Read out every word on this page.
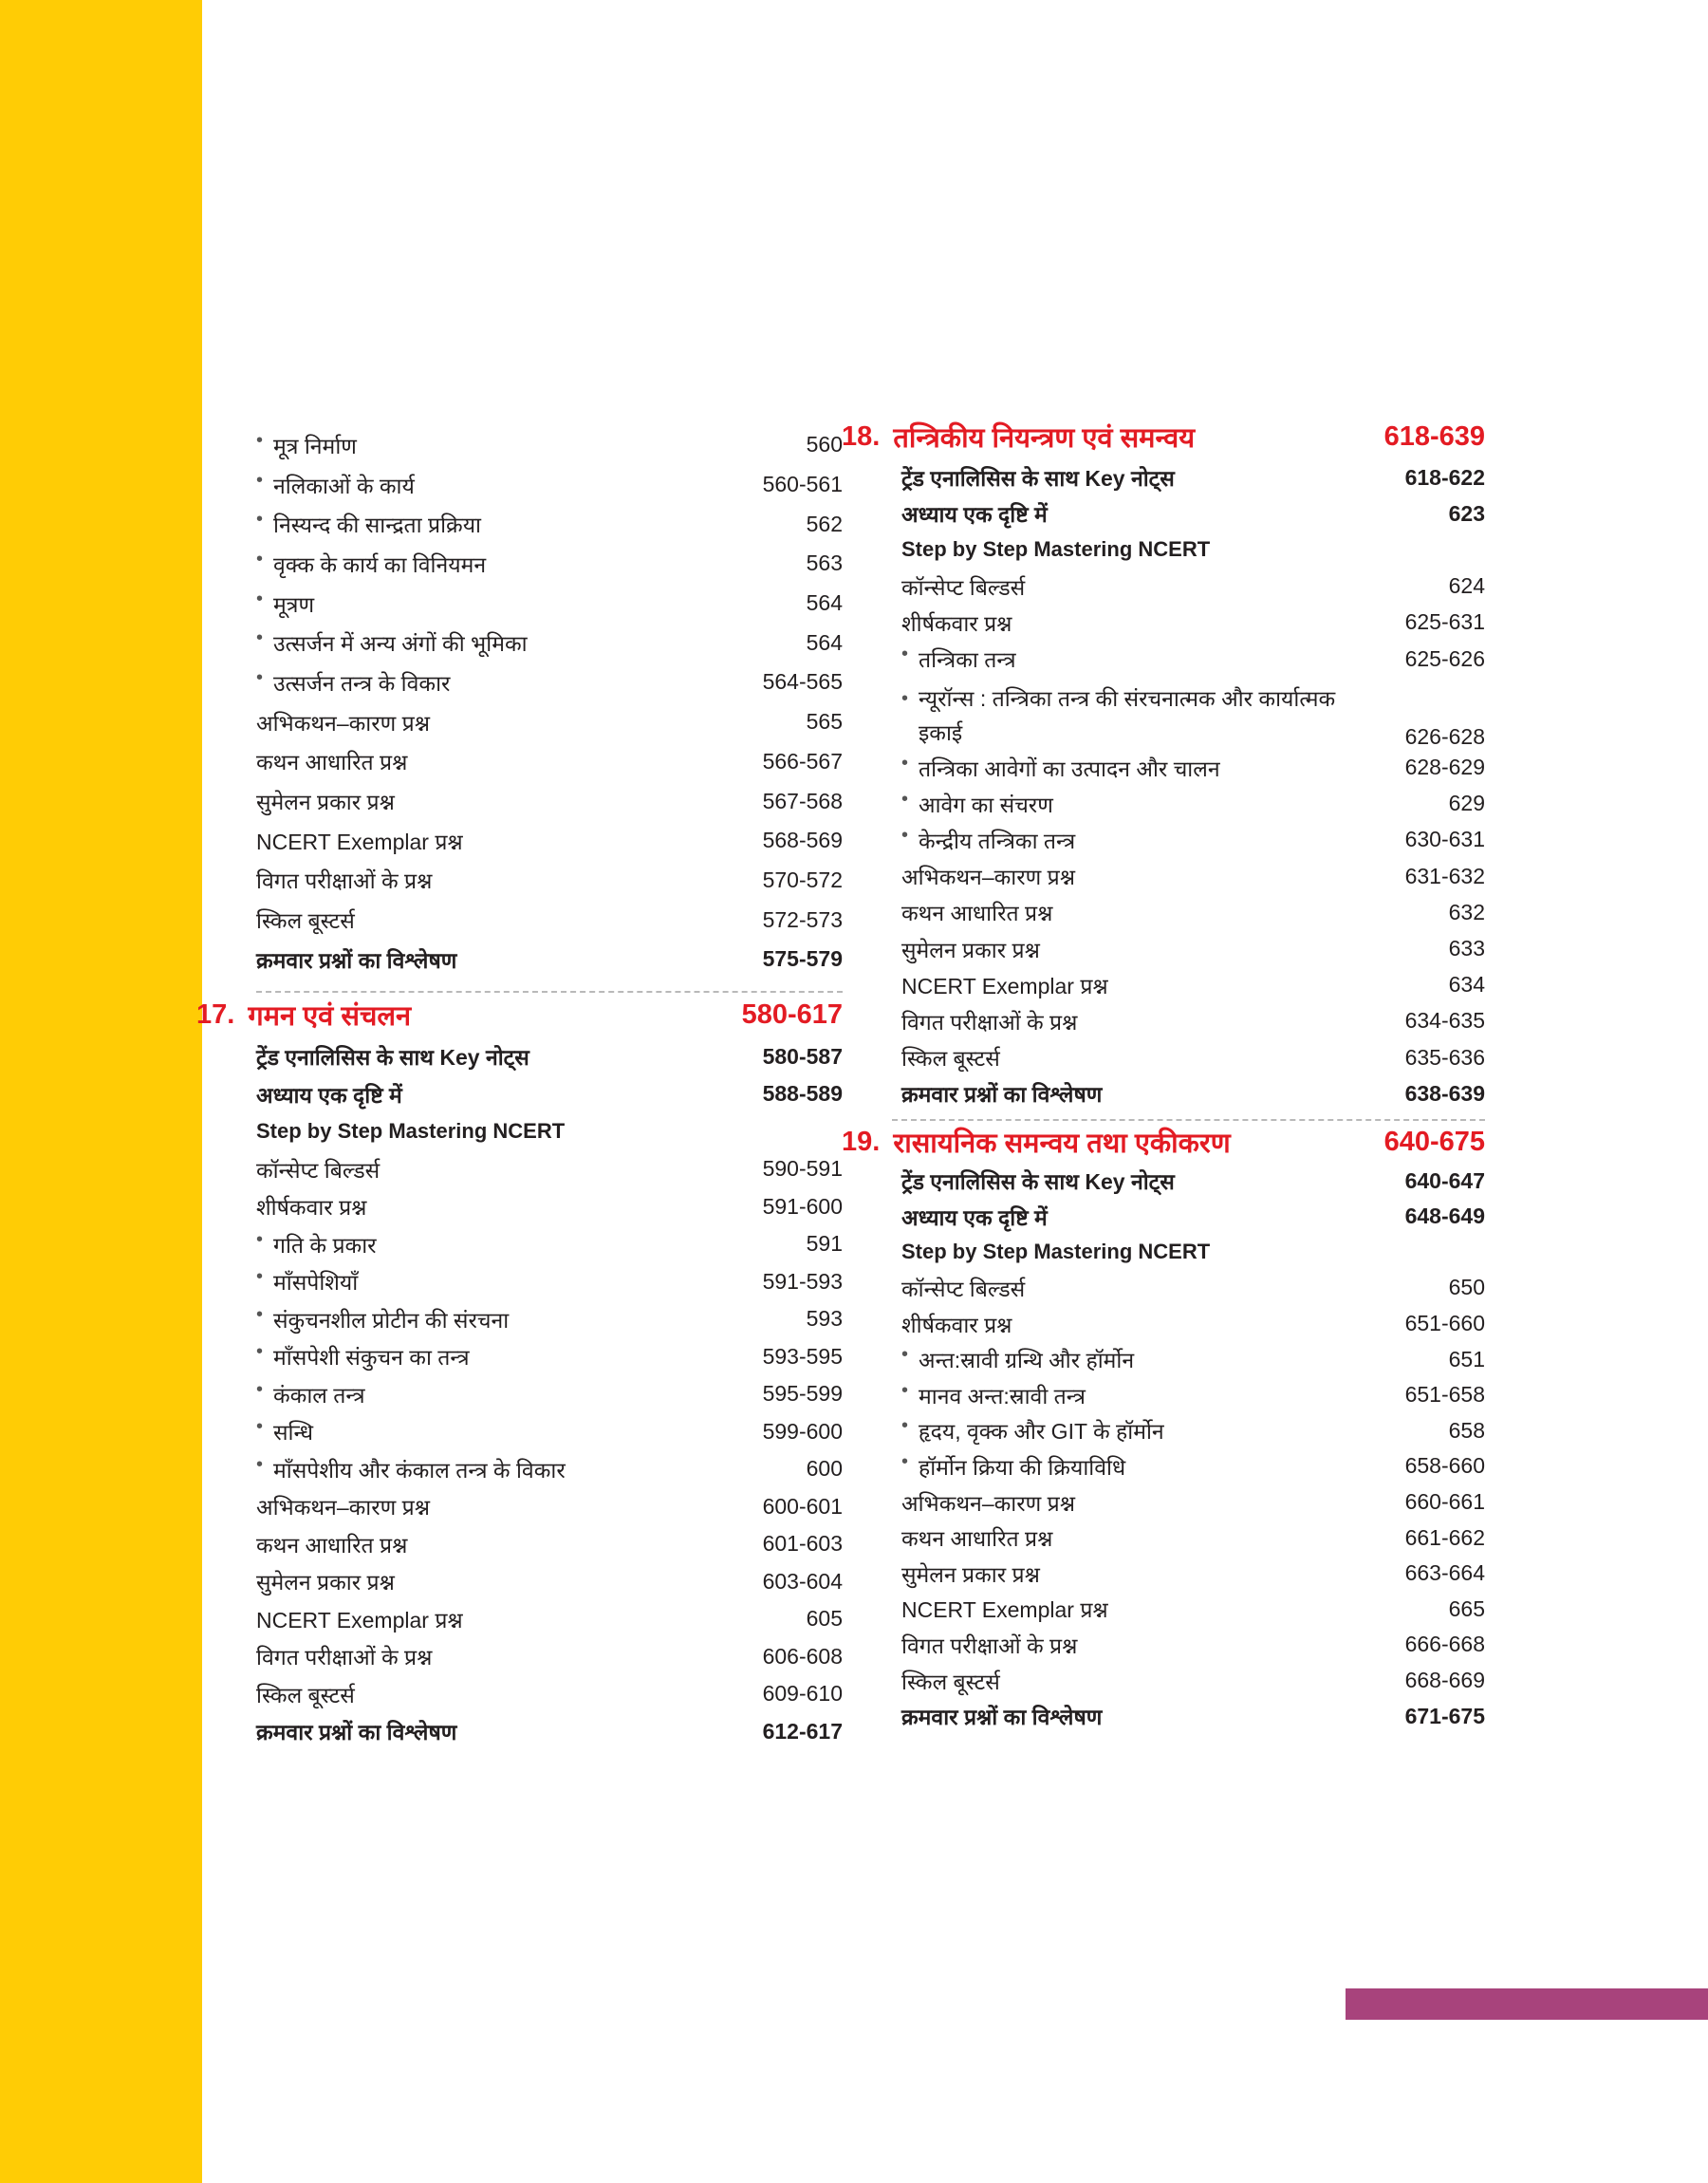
• मूत्र निर्माण	560
• नलिकाओं के कार्य	560-561
• निस्यन्द की सान्द्रता प्रक्रिया	562
• वृक्क के कार्य का विनियमन	563
• मूत्रण	564
• उत्सर्जन में अन्य अंगों की भूमिका	564
• उत्सर्जन तन्त्र के विकार	564-565
अभिकथन–कारण प्रश्न	565
कथन आधारित प्रश्न	566-567
सुमेलन प्रकार प्रश्न	567-568
NCERT Exemplar प्रश्न	568-569
विगत परीक्षाओं के प्रश्न	570-572
स्किल बूस्टर्स	572-573
क्रमवार प्रश्नों का विश्लेषण	575-579
17. गमन एवं संचलन	580-617
ट्रेंड एनालिसिस के साथ Key नोट्स	580-587
अध्याय एक दृष्टि में	588-589
Step by Step Mastering NCERT
कॉन्सेप्ट बिल्डर्स	590-591
शीर्षकवार प्रश्न	591-600
• गति के प्रकार	591
• माँसपेशियाँ	591-593
• संकुचनशील प्रोटीन की संरचना	593
• माँसपेशी संकुचन का तन्त्र	593-595
• कंकाल तन्त्र	595-599
• सन्धि	599-600
• माँसपेशीय और कंकाल तन्त्र के विकार	600
अभिकथन–कारण प्रश्न	600-601
कथन आधारित प्रश्न	601-603
सुमेलन प्रकार प्रश्न	603-604
NCERT Exemplar प्रश्न	605
विगत परीक्षाओं के प्रश्न	606-608
स्किल बूस्टर्स	609-610
क्रमवार प्रश्नों का विश्लेषण	612-617
18. तन्त्रिकीय नियन्त्रण एवं समन्वय	618-639
ट्रेंड एनालिसिस के साथ Key नोट्स	618-622
अध्याय एक दृष्टि में	623
Step by Step Mastering NCERT
कॉन्सेप्ट बिल्डर्स	624
शीर्षकवार प्रश्न	625-631
• तन्त्रिका तन्त्र	625-626
• न्यूरॉन्स : तन्त्रिका तन्त्र की संरचनात्मक और कार्यात्मक इकाई	626-628
• तन्त्रिका आवेगों का उत्पादन और चालन	628-629
• आवेग का संचरण	629
• केन्द्रीय तन्त्रिका तन्त्र	630-631
अभिकथन–कारण प्रश्न	631-632
कथन आधारित प्रश्न	632
सुमेलन प्रकार प्रश्न	633
NCERT Exemplar प्रश्न	634
विगत परीक्षाओं के प्रश्न	634-635
स्किल बूस्टर्स	635-636
क्रमवार प्रश्नों का विश्लेषण	638-639
19. रासायनिक समन्वय तथा एकीकरण	640-675
ट्रेंड एनालिसिस के साथ Key नोट्स	640-647
अध्याय एक दृष्टि में	648-649
Step by Step Mastering NCERT
कॉन्सेप्ट बिल्डर्स	650
शीर्षकवार प्रश्न	651-660
• अन्त:स्रावी ग्रन्थि और हॉर्मोन	651
• मानव अन्त:स्रावी तन्त्र	651-658
• हृदय, वृक्क और GIT के हॉर्मोन	658
• हॉर्मोन क्रिया की क्रियाविधि	658-660
अभिकथन–कारण प्रश्न	660-661
कथन आधारित प्रश्न	661-662
सुमेलन प्रकार प्रश्न	663-664
NCERT Exemplar प्रश्न	665
विगत परीक्षाओं के प्रश्न	666-668
स्किल बूस्टर्स	668-669
क्रमवार प्रश्नों का विश्लेषण	671-675
